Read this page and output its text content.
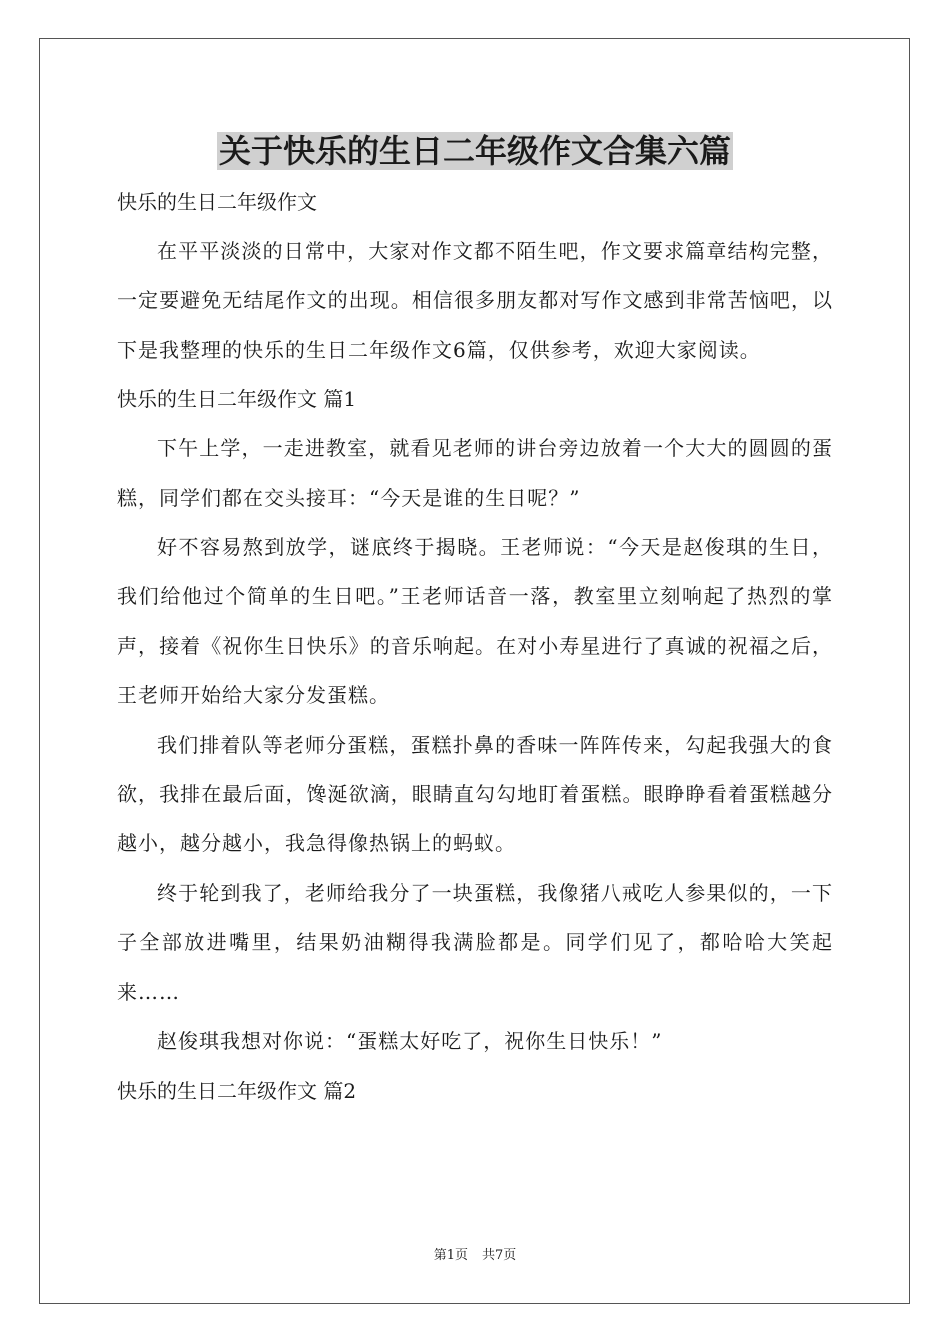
关于快乐的生日二年级作文合集六篇

快乐的生日二年级作文

在平平淡淡的日常中，大家对作文都不陌生吧，作文要求篇章结构完整，一定要避免无结尾作文的出现。相信很多朋友都对写作文感到非常苦恼吧，以下是我整理的快乐的生日二年级作文6篇，仅供参考，欢迎大家阅读。

快乐的生日二年级作文 篇1

下午上学，一走进教室，就看见老师的讲台旁边放着一个大大的圆圆的蛋糕，同学们都在交头接耳：“今天是谁的生日呢？”

好不容易熬到放学，谜底终于揭晓。王老师说：“今天是赵俊琪的生日，我们给他过个简单的生日吧。”王老师话音一落，教室里立刻响起了热烈的掌声，接着《祝你生日快乐》的音乐响起。在对小寿星进行了真诚的祝福之后，王老师开始给大家分发蛋糕。

我们排着队等老师分蛋糕，蛋糕扑鼻的香味一阵阵传来，勾起我强大的食欲，我排在最后面，馋涎欲滴，眼睛直勾勾地盯着蛋糕。眼睁睁看着蛋糕越分越小，越分越小，我急得像热锅上的蚂蚁。

终于轮到我了，老师给我分了一块蛋糕，我像猪八戒吃人参果似的，一下子全部放进嘴里，结果奶油糊得我满脸都是。同学们见了，都哈哈大笑起来……

赵俊琪我想对你说：“蛋糕太好吃了，祝你生日快乐！”

快乐的生日二年级作文 篇2

第1页 共7页
